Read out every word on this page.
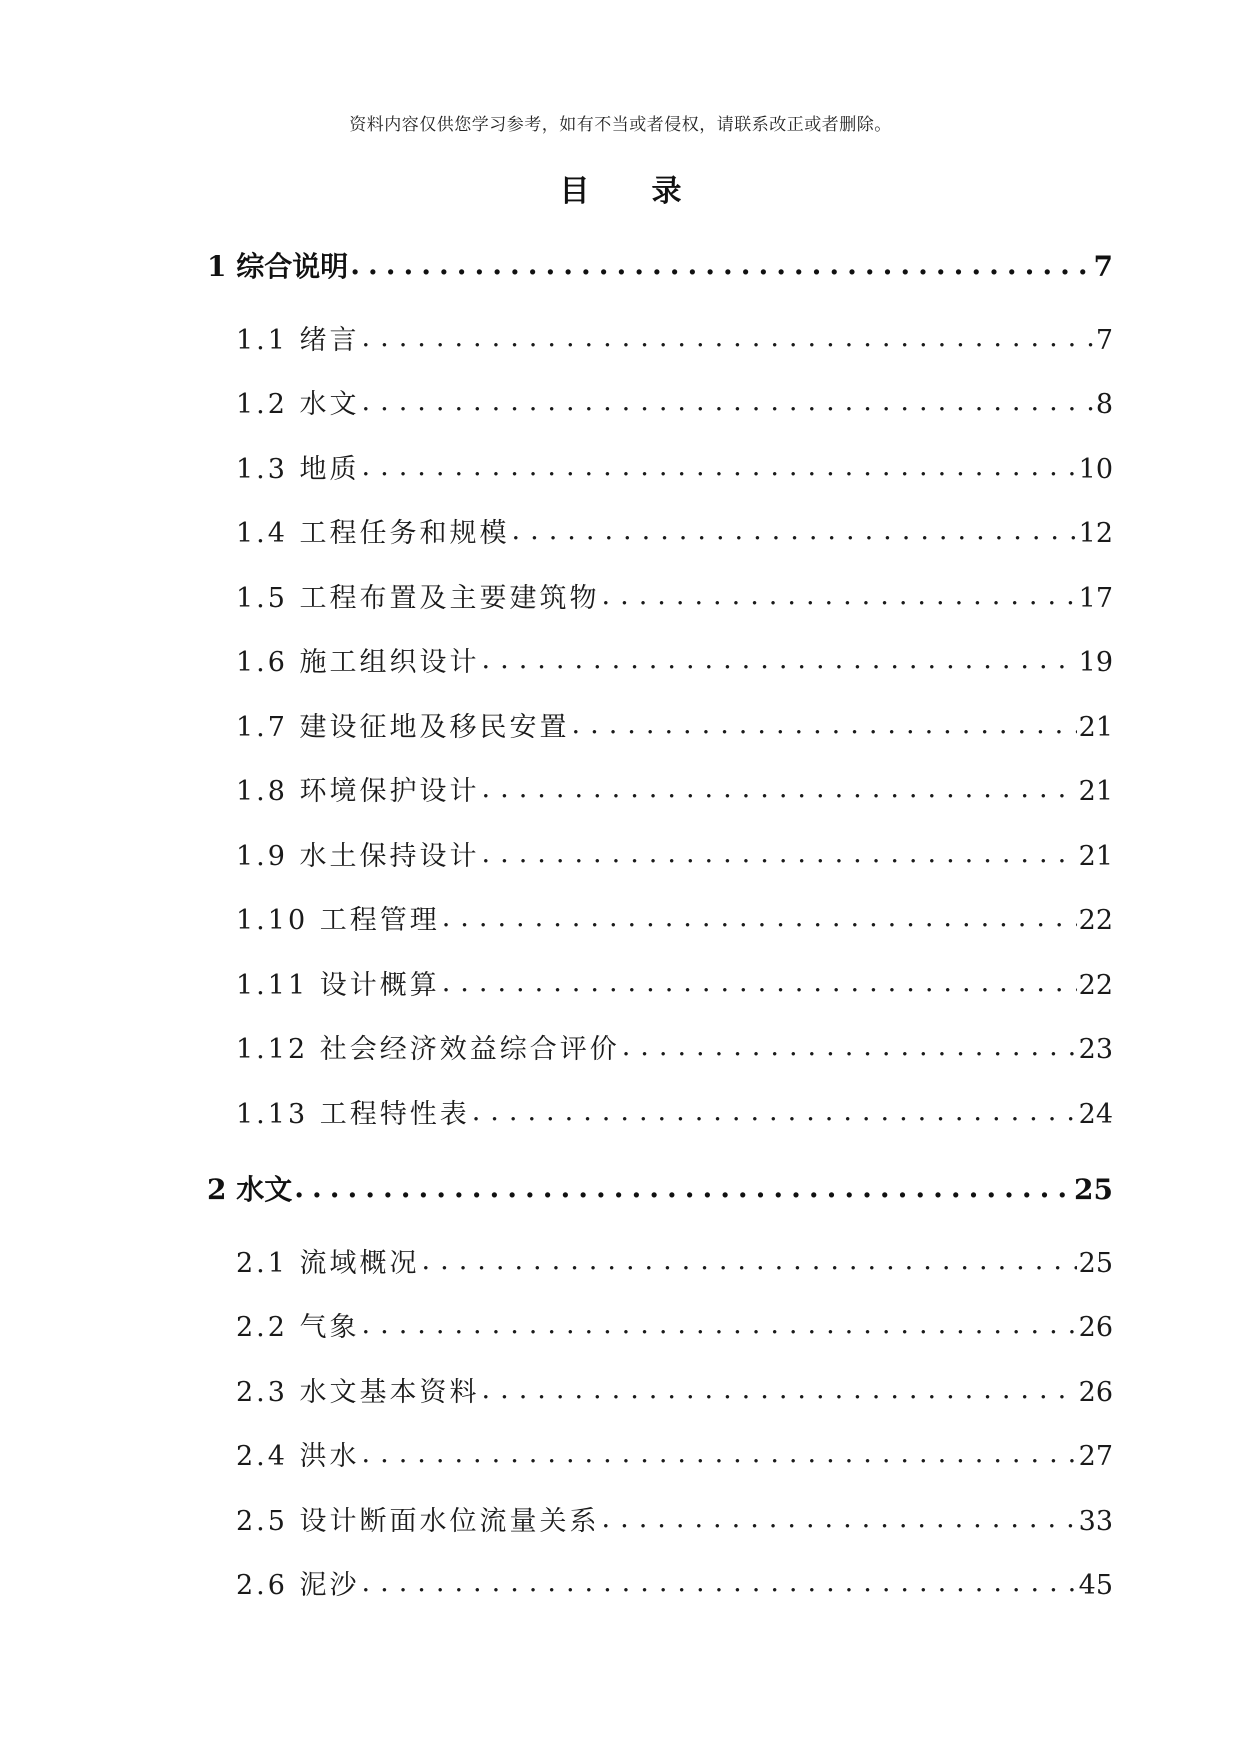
资料内容仅供您学习参考，如有不当或者侵权，请联系改正或者删除。
目 录
1 综合说明 .....	7
1.1 绪言 .....	7
1.2 水文 .....	8
1.3 地质 .....	10
1.4 工程任务和规模 .....	12
1.5 工程布置及主要建筑物 .....	17
1.6 施工组织设计 .....	19
1.7 建设征地及移民安置 .....	21
1.8 环境保护设计 .....	21
1.9 水土保持设计 .....	21
1.10 工程管理 .....	22
1.11 设计概算 .....	22
1.12 社会经济效益综合评价 .....	23
1.13 工程特性表 .....	24
2 水文 .....	25
2.1 流域概况 .....	25
2.2 气象 .....	26
2.3 水文基本资料 .....	26
2.4 洪水 .....	27
2.5 设计断面水位流量关系 .....	33
2.6 泥沙 .....	45
